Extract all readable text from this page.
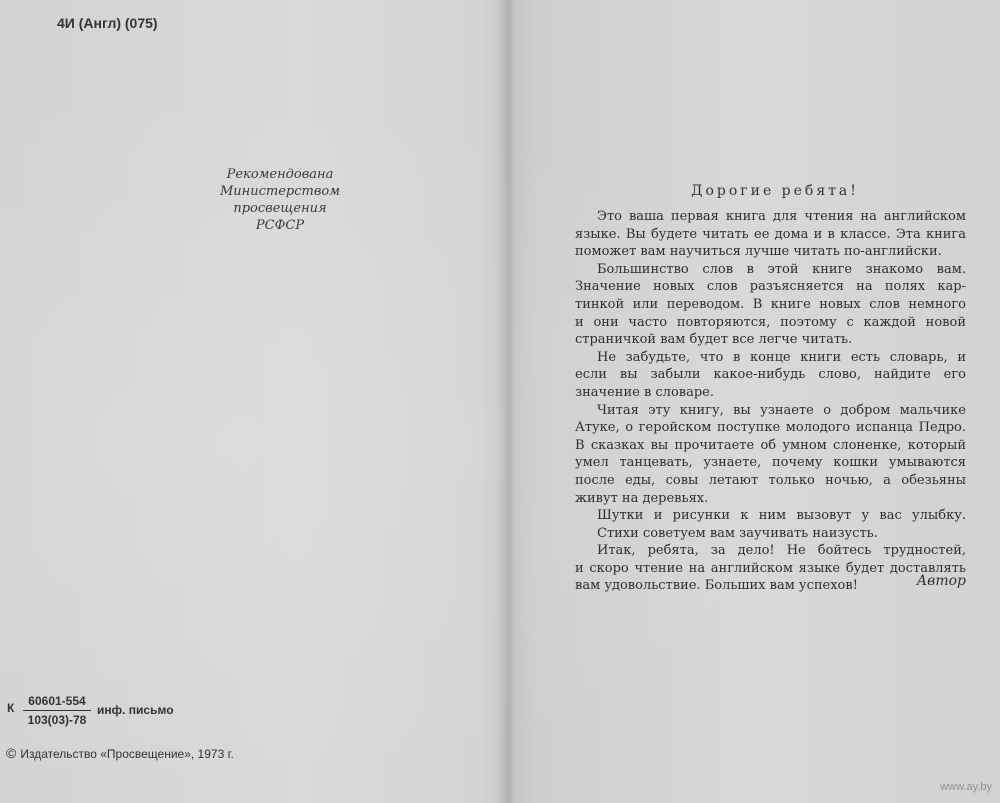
4И (Англ) (075)
Рекомендована
Министерством просвещения
РСФСР
К $\frac{60601-554}{103(03)-78}$ инф. письмо
© Издательство «Просвещение», 1973 г.
Дорогие ребята!
Это ваша первая книга для чтения на английском
языке. Вы будете читать ее дома и в классе. Эта книга
поможет вам научиться лучше читать по-английски.
Большинство слов в этой книге знакомо вам.
Значение новых слов разъясняется на полях кар-
тинкой или переводом. В книге новых слов немного
и они часто повторяются, поэтому с каждой новой
страничкой вам будет все легче читать.
Не забудьте, что в конце книги есть словарь, и
если вы забыли какое-нибудь слово, найдите его
значение в словаре.
Читая эту книгу, вы узнаете о добром мальчике
Атуке, о геройском поступке молодого испанца Педро.
В сказках вы прочитаете об умном слоненке, который
умел танцевать, узнаете, почему кошки умываются
после еды, совы летают только ночью, а обезьяны
живут на деревьях.
Шутки и рисунки к ним вызовут у вас улыбку.
Стихи советуем вам заучивать наизусть.
Итак, ребята, за дело! Не бойтесь трудностей,
и скоро чтение на английском языке будет доставлять
вам удовольствие. Больших вам успехов!	Автор
www.ay.by
